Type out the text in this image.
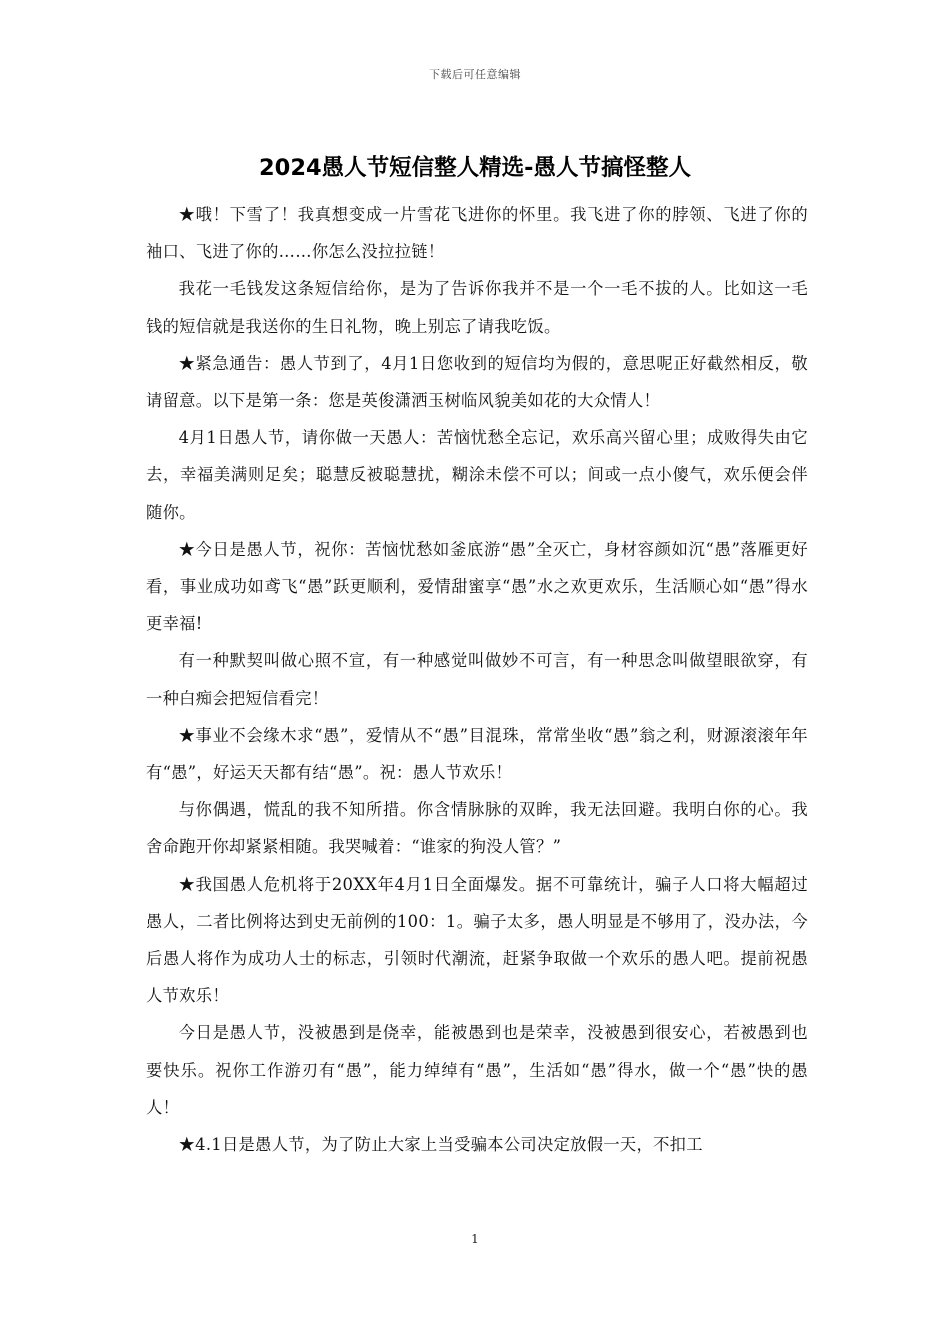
下载后可任意编辑
2024愚人节短信整人精选-愚人节搞怪整人

★哦！下雪了！我真想变成一片雪花飞进你的怀里。我飞进了你的脖领、飞进了你的袖口、飞进了你的……你怎么没拉拉链！

我花一毛钱发这条短信给你，是为了告诉你我并不是一个一毛不拔的人。比如这一毛钱的短信就是我送你的生日礼物，晚上别忘了请我吃饭。

★紧急通告：愚人节到了，4月1日您收到的短信均为假的，意思呢正好截然相反，敬请留意。以下是第一条：您是英俊潇洒玉树临风貌美如花的大众情人！

4月1日愚人节，请你做一天愚人：苦恼忧愁全忘记，欢乐高兴留心里；成败得失由它去，幸福美满则足矣；聪慧反被聪慧扰，糊涂未偿不可以；间或一点小傻气，欢乐便会伴随你。

★今日是愚人节，祝你：苦恼忧愁如釜底游“愚”全灭亡，身材容颜如沉“愚”落雁更好看，事业成功如鸢飞“愚”跃更顺利，爱情甜蜜享“愚”水之欢更欢乐，生活顺心如“愚”得水更幸福!

有一种默契叫做心照不宣，有一种感觉叫做妙不可言，有一种思念叫做望眼欲穿，有一种白痴会把短信看完！

★事业不会缘木求“愚”，爱情从不“愚”目混珠，常常坐收“愚”翁之利，财源滚滚年年有“愚”，好运天天都有结“愚”。祝：愚人节欢乐！

与你偶遇，慌乱的我不知所措。你含情脉脉的双眸，我无法回避。我明白你的心。我舍命跑开你却紧紧相随。我哭喊着：“谁家的狗没人管？”

★我国愚人危机将于20XX年4月1日全面爆发。据不可靠统计，骗子人口将大幅超过愚人，二者比例将达到史无前例的100：1。骗子太多，愚人明显是不够用了，没办法，今后愚人将作为成功人士的标志，引领时代潮流，赶紧争取做一个欢乐的愚人吧。提前祝愚人节欢乐！

今日是愚人节，没被愚到是侥幸，能被愚到也是荣幸，没被愚到很安心，若被愚到也要快乐。祝你工作游刃有“愚”，能力绰绰有“愚”，生活如“愚”得水，做一个“愚”快的愚人！

★4.1日是愚人节，为了防止大家上当受骗本公司决定放假一天，不扣工

1
